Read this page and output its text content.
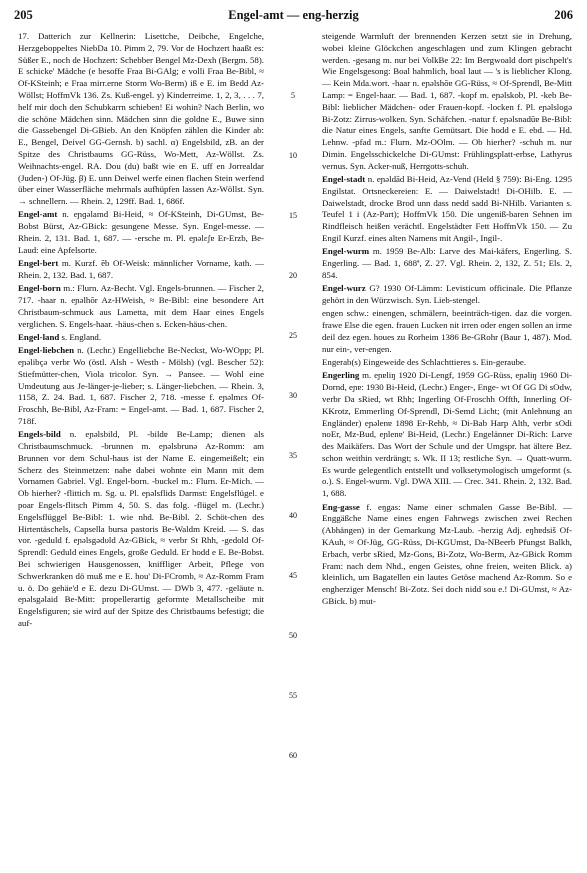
205	Engel-amt — eng-herzig	206

17. Datterich zur Kellnerin: Lisettche, Deibche, Engelche, Herzgeboppeltes NiebDa 10. Pimm 2, 79. Vor de Hochzert haaßt es: Süßer E., noch de Hochzert: Schebber Bengel Mz-Dexh (Bergm. 58). E schicke' Mädche (e besoffe Fraa Bi-GAlg; e volli Fraa Be-Bibl, ≈ Of-KSteinh; e Fraa mirr.erne Storm Wo-Berm) iß e E. im Bedd Az-Wöllst; HoffmVk 136. Zs. Kuß-engel. y) Kinderreime. 1, 2, 3, . . . 7, helf mir doch den Schubkarrn schieben! Ei wohin? Nach Berlin, wo die schöne Mädchen sinn. Mädchen sinn die goldne E., Buwe sinn die Gassebengel Di-GBieb. An den Knöpfen zählen die Kinder ab: E., Bengel, Deivel GG-Gernsh. b) sachl. α) Engelsbild, zB. an der Spitze des Christbaums GG-Rüss, Wo-Mett, Az-Wöllst. Zs. Weihnachts-engel. RA. Dou (du) baßt wie en E. uff en Jorrealdar (Juden-) Of-Jüg. β) E. unn Deiwel werfe einen flachen Stein werfend über einer Wasserfläche mehrmals aufhüpfen lassen Az-Wöllst. Syn. → schnellern. — Rhein. 2, 129ff. Bad. 1, 686f.

Engel-amt n. eɲɡəlamd Bi-Heid, ≈ Of-KSteinh, Di-GUmst, Be-Bobst Bürst, Az-GBick: gesungene Messe. Syn. Engel-messe. — Rhein. 2, 131. Bad. 1, 687. — -ersche m. Pl. eɲəlɛʃɐ Er-Erzb, Be-Laud: eine Apfelsorte.

Engel-bert m. Kurzf. ẽb Of-Weisk: männlicher Vorname, kath. — Rhein. 2, 132. Bad. 1, 687.

Engel-born m.: Flurn. Az-Becht. Vgl. Engels-brunnen. — Fischer 2, 717. -haar n. eɲəlhōr Az-HWeish, ≈ Be-Bibl: eine besondere Art Christbaum-schmuck aus Lametta, mit dem Haar eines Engels verglichen. S. Engels-haar. -häus-chen s. Ecken-häus-chen.

Engel-land s. England.

Engel-liebchen n. (Lechr.) Engelliebche Be-Neckst, Wo-WOpp; Pl. eɲəlibçə verbr Wo (östl. Alsh - Westh - Mölsh) (vgl. Bescher 52): Stiefmütter-chen, Viola tricolor. Syn. → Pansee. — Wohl eine Umdeutung aus Je-länger-je-lieber; s. Länger-liebchen. — Rhein. 3, 1158, Z. 24. Bad. 1, 687. Fischer 2, 718. -messe f. eɲəlmɛs Of-Froschh, Be-Bibl, Az-Fram: = Engel-amt. — Bad. 1, 687. Fischer 2, 718f.

Engels-bild n. eɲəlsbild, Pl. -bildɐ Be-Lamp; dienen als Christbaumschmuck. -brunnen m. eɲəlsbrunə Az-Romm: am Brunnen vor dem Schul-haus ist der Name E. eingemeißelt; ein Scherz des Steinmetzen: nahe dabei wohnte ein Mann mit dem Vornamen Gabriel. Vgl. Engel-born. -buckel m.: Flurn. Er-Mich. — Ob hierher? -flittich m. Sg. u. Pl. eɲəlsflids Darmst: Engelsflügel. e poar Engels-flitsch Pimm 4, 50. S. das folg. -flügel m. (Lechr.) Engelsflüggel Be-Bibl: 1. wie nhd. Be-Bibl. 2. Schöt-chen des Hirtentäschels, Capsella bursa pastoris Be-Waldm Kreid. — S. das vor. -geduld f. eɲəlsgədυld Az-GBick, ≈ verbr St Rhh, -gedold Of-Sprendl: Geduld eines Engels, große Geduld. Er hodd e E. Be-Bobst. Bei schwierigen Hausgenossen, kniffliger Arbeit, Pflege von Schwerkranken dö muß me e E. hou' Di-FCromb, ≈ Az-Romm Fram u. ö. Do gehäe'd e E. dezu Di-GUmst. — DWb 3, 477. -geläute n. eɲəlsgəlaid Be-Mitt: propellerartig geformte Metallscheibe mit Engelsfiguren; sie wird auf der Spitze des Christbaums befestigt; die auf-

5
10
15
20
25
30
35
40
45
50
55
60

steigende Warmluft der brennenden Kerzen setzt sie in Drehung, wobei kleine Glöckchen angeschlagen und zum Klingen gebracht werden. -gesang m. nur bei VolkBe 22: Im Bergwoald dort pischpelt's Wie Engelsgesong: Boal hahmlich, boal laut — 's is lieblicher Klong. — Kein Mda.wort. -haar n. eɲəlshōɐ GG-Rüss, ≈ Of-Sprendl, Be-Mitt Lamp: = Engel-haar. — Bad. 1, 687. -kopf m. eɲəlskob, Pl. -keb Be-Bibl: lieblicher Mädchen- oder Frauen-kopf. -locken f. Pl. eɲəlslogə Bi-Zotz: Zirrus-wolken. Syn. Schäfchen. -natur f. eɲəlsnadūɐ Be-Bibl: die Natur eines Engels, sanfte Gemütsart. Die hodd e E. ebd. — Hd. Lehnw. -pfad m.: Flurn. Mz-OOlm. — Ob hierher? -schuh m. nur Dimin. Engelsschickelche Di-GUmst: Frühlingsplatt-erbse, Lathyrus vernus. Syn. Acker-nuß, Herrgotts-schuh.

Engel-stadt n. eɲəldād Bi-Heid, Az-Vend (Held § 759): Bi-Eng. 1295 Engilstat. Ortsneckereien: E. — Daiwelstadt! Di-OHilb. E. — Daiwelstadt, drocke Brod unn dass nedd sadd Bi-NHilb. Varianten s. Teufel 1 i (Az-Part); HoffmVk 150. Die ungeniß-baren Sehnen im Rindfleisch heißen verächtl. Engelstädter Fett HoffmVk 150. — Zu Engil Kurzf. eines alten Namens mit Angil-, Ingil-.

Engel-wurm m. 1959 Be-Alb: Larve des Mai-käfers, Engerling. S. Engerling. — Bad. 1, 688ª, Z. 27. Vgl. Rhein. 2, 132, Z. 51; Els. 2, 854.

Engel-wurz G? 1930 Of-Lämm: Levisticum officinale. Die Pflanze gehört in den Würzwisch. Syn. Lieb-stengel.

engen schw.: einengen, schmälern, beeinträch-tigen. daz die vorgen. frawe Else die egen. frauen Lucken nit irren oder engen sollen an irme deil dez egen. houes zu Rorheim 1386 Be-GRohr (Baur 1, 487). Mod. nur ein-, ver-engen.

Engerab(s) Eingeweide des Schlachttieres s. Ein-geraube.

Engerling m. eɲɐliŋ 1920 Di-Lengf, 1959 GG-Rüss, eɲəliŋ 1960 Di-Dornd, eɲɐ: 1930 Bi-Heid, (Lechr.) Enger-, Enge- wt Of GG Di sOdw, verbr Da sRied, wt Rhh; Ingerling Of-Froschh Offth, Innerling Of-KKrotz, Emmerling Of-Sprendl, Di-Semd Licht; (mit Anlehnung an Engländer) eɲəlenɐ 1898 Er-Rehb, ≈ Di-Bab Harp Alth, verbr sOdi noEr, Mz-Bud, eɲlenɐ' Bi-Heid, (Lechr.) Engelänner Di-Rich: Larve des Maikäfers. Das Wort der Schule und der Umgspr. hat ältere Bez. schon weithin verdrängt; s. Wk. II 13; restliche Syn. → Quatt-wurm. Es wurde gelegentlich entstellt und volksetymologisch umgeformt (s. o.). S. Engel-wurm. Vgl. DWA XIII. — Crec. 341. Rhein. 2, 132. Bad. 1, 688.

Eng-gasse f. eŋgas: Name einer schmalen Gasse Be-Bibl. — Enggäßche Name eines engen Fahrwegs zwischen zwei Rechen (Abhängen) in der Gemarkung Mz-Laub. -herzig Adj. eŋhɐdsiš Of-KAuh, ≈ Of-Jüg, GG-Rüss, Di-KGUmst, Da-NBeerb Pfungst Balkh, Erbach, verbr sRied, Mz-Gons, Bi-Zotz, Wo-Berm, Az-GBick Romm Fram: nach dem Nhd., engen Geistes, ohne freien, weiten Blick. a) kleinlich, um Bagatellen ein lautes Getöse machend Az-Romm. So e engherziger Mensch! Bi-Zotz. Sei doch nidd sou e.! Di-GUmst, ≈ Az-GBick. b) mut-
